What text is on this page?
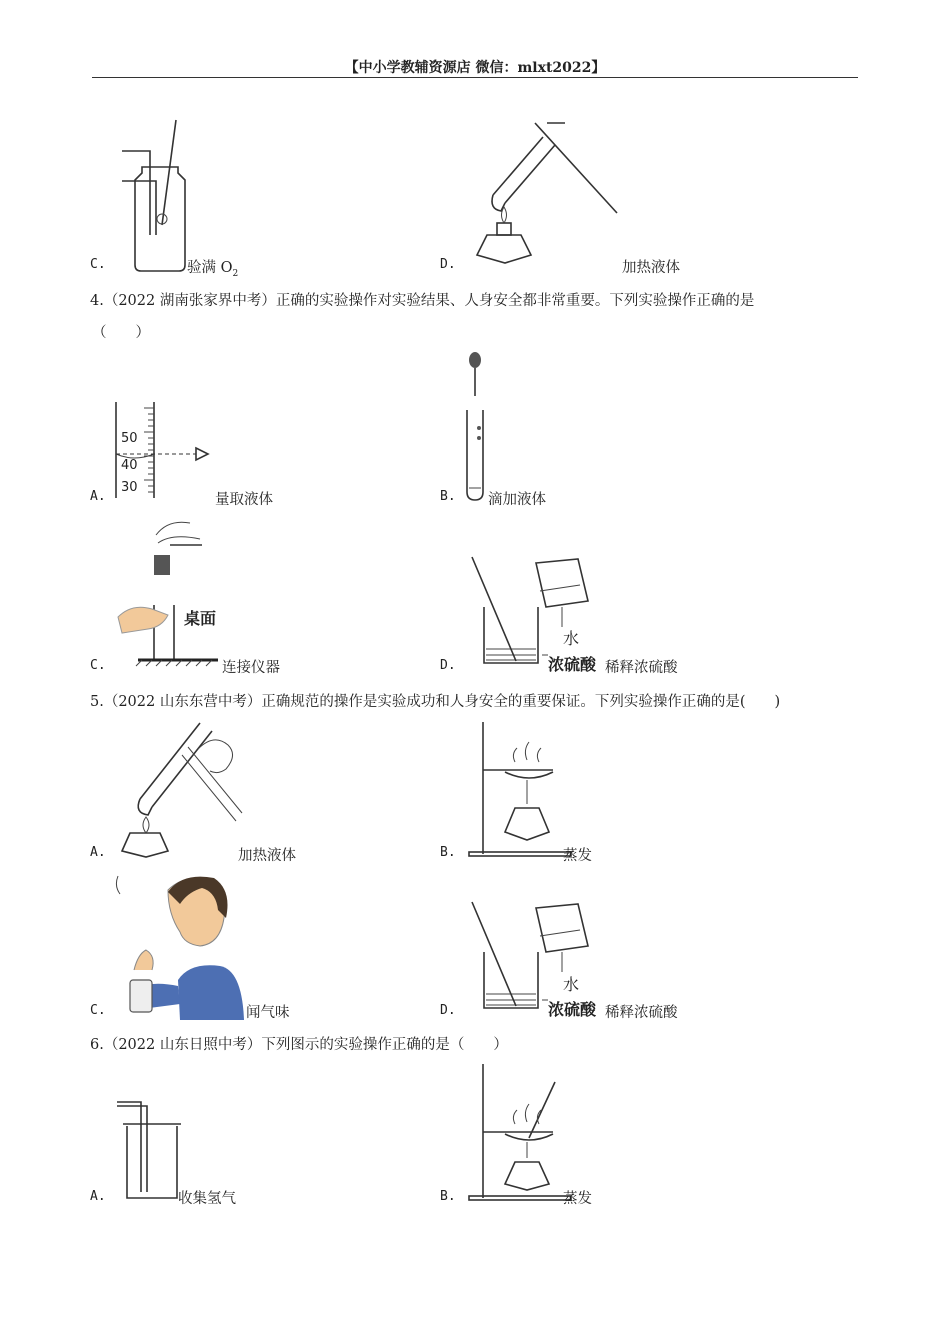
【中小学教辅资源店 微信：mlxt2022】
C.	验满 $O_2$
D.	加热液体
4.（2022 湖南张家界中考）正确的实验操作对实验结果、人身安全都非常重要。下列实验操作正确的是
（　　）
50
40
30
A.	量取液体	B. 滴加液体
桌面
C.	连接仪器
水
浓硫酸
D.	稀释浓硫酸
5.（2022 山东东营中考）正确规范的操作是实验成功和人身安全的重要保证。下列实验操作正确的是(　　)
A.	加热液体	B.	蒸发
C.	闻气味
水
浓硫酸
D.	稀释浓硫酸
6.（2022 山东日照中考）下列图示的实验操作正确的是（　　）
A.	收集氢气	B.	蒸发
